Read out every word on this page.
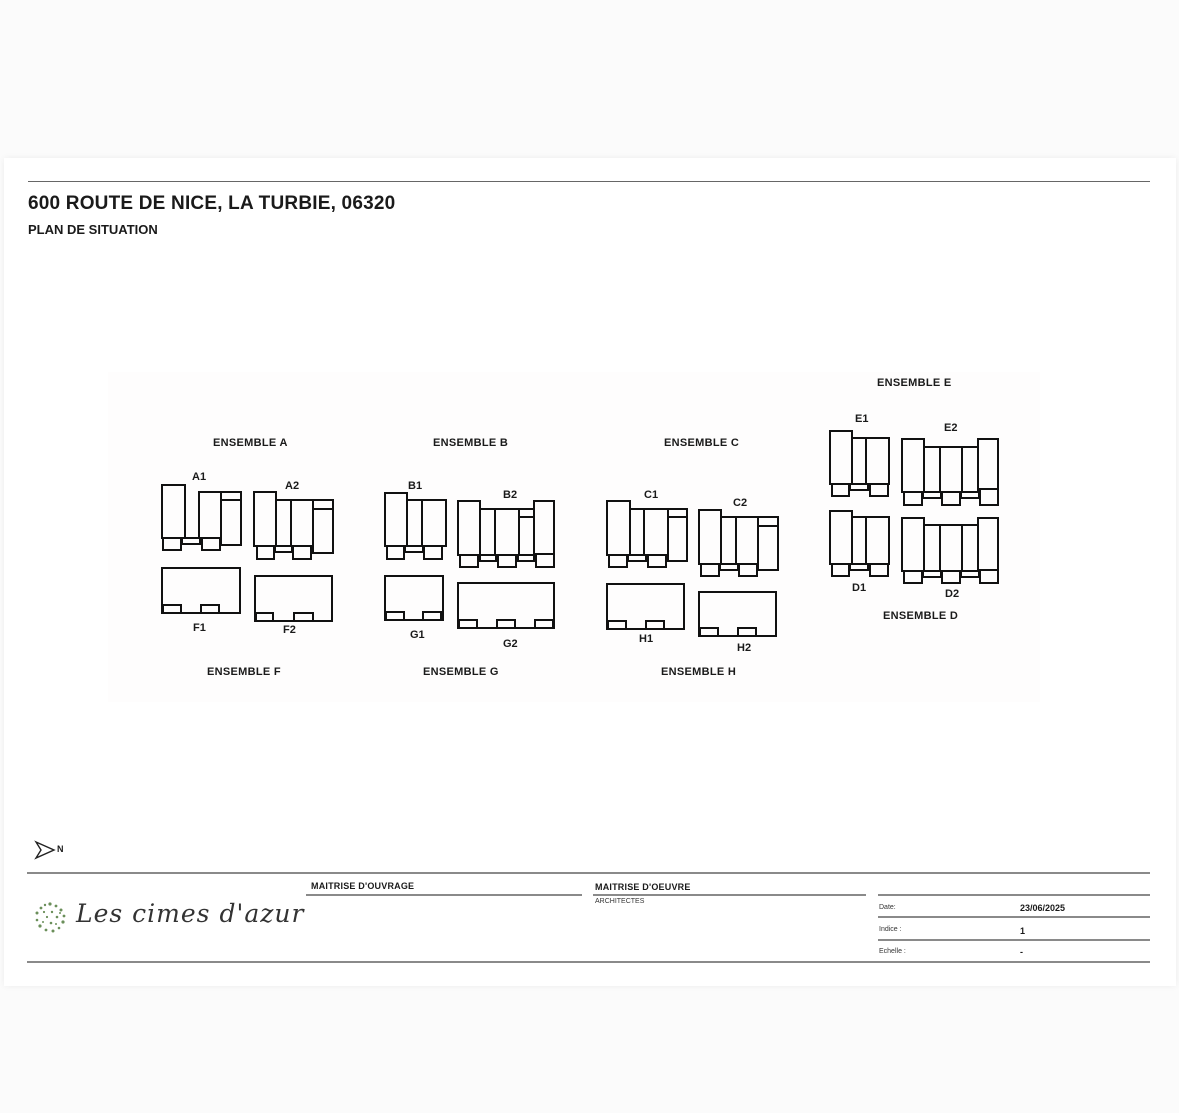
600 ROUTE DE NICE, LA TURBIE, 06320
PLAN DE SITUATION
ENSEMBLE A	ENSEMBLE B	ENSEMBLE C
ENSEMBLE E
ENSEMBLE D
ENSEMBLE F	ENSEMBLE G	ENSEMBLE H
A1
A2	B1
B2	C1
C2
E1
E2
D1	D2
F1	F2	G1
G2	H1
H2
N
Les cimes d'azur
MAITRISE D'OUVRAGE	MAITRISE D'OEUVRE
ARCHITECTES
Date:	23/06/2025
Indice :	1
Echelle :	-
